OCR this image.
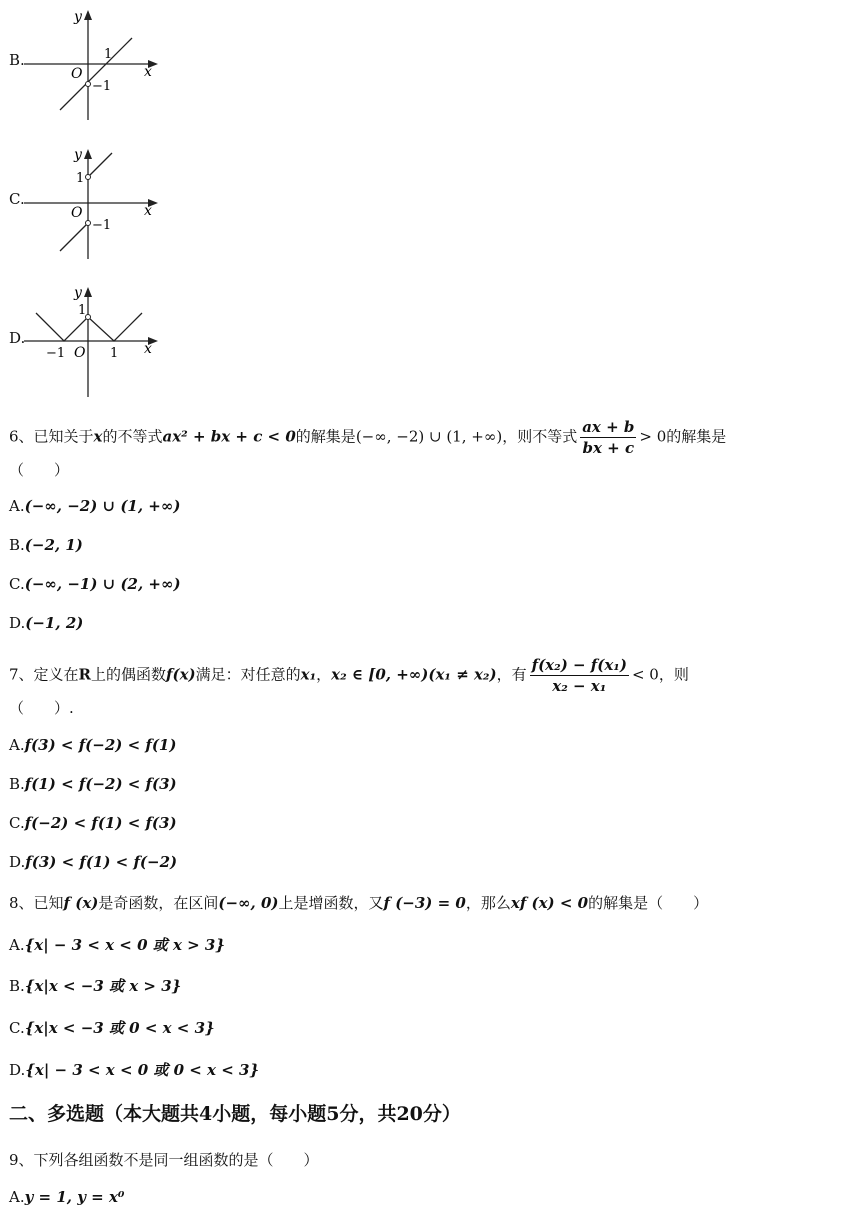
B.
y
x
O
1
−1
C.
y
x
O
1
−1
D.
y
x
O
1
−1	1
6、已知关于x的不等式ax² + bx + c < 0的解集是(−∞, −2) ∪ (1, +∞)，则不等式 $\frac{ax + b}{bx + c} > 0$的解集是
（　　）
A.(−∞, −2) ∪ (1, +∞)
B.(−2, 1)
C.(−∞, −1) ∪ (2, +∞)
D.(−1, 2)
7、定义在R上的偶函数f(x)满足：对任意的x₁，x₂ ∈ [0, +∞)(x₁ ≠ x₂)，有 $\frac{\text{f(x₂) − f(x₁)}}{\text{x₂ − x₁}} < 0$，则
（　　）.
A.f(3) < f(−2) < f(1)
B.f(1) < f(−2) < f(3)
C.f(−2) < f(1) < f(3)
D.f(3) < f(1) < f(−2)
8、已知f (x)是奇函数，在区间(−∞, 0)上是增函数，又f (−3) = 0，那么xf (x) < 0的解集是（　　）
A.{x| − 3 < x < 0 或 x > 3}
B.{x|x < −3 或 x > 3}
C.{x|x < −3 或 0 < x < 3}
D.{x| − 3 < x < 0 或 0 < x < 3}
二、多选题（本大题共4小题，每小题5分，共20分）
9、下列各组函数不是同一组函数的是（　　）
A.y = 1, y = x⁰
